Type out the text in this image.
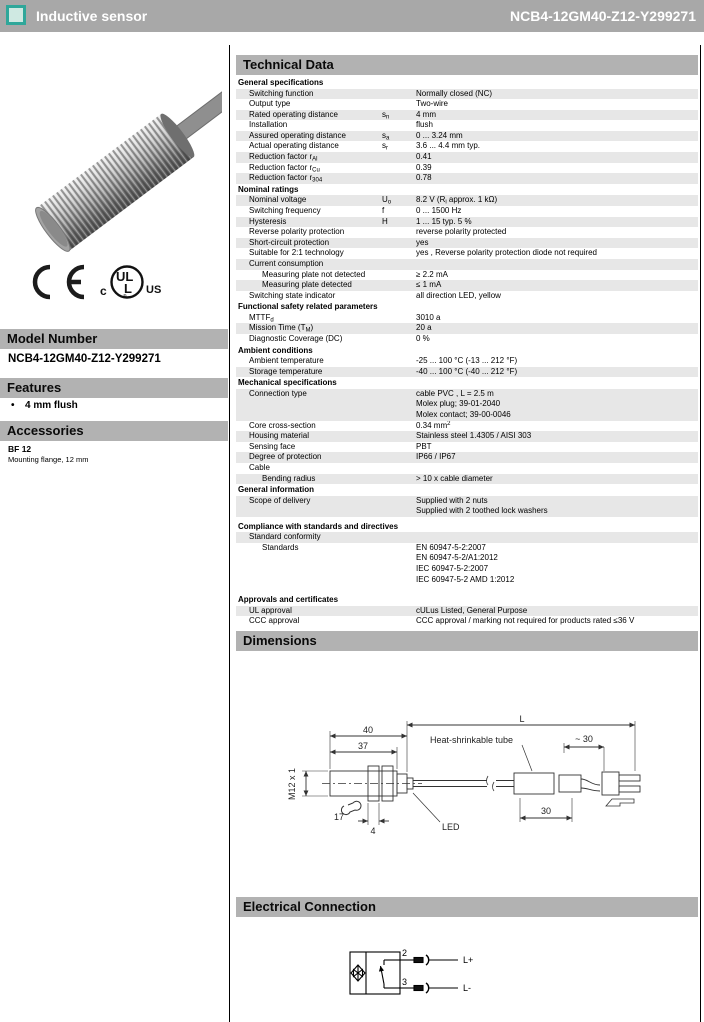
Inductive sensor	NCB4-12GM40-Z12-Y299271
c
UL
L
®
US
Model Number
NCB4-12GM40-Z12-Y299271
Features
• 4 mm flush
Accessories
BF 12
Mounting flange, 12 mm
Technical Data
General specifications
Switching function	Normally closed (NC)
Output type	Two-wire
Rated operating distance	$s_n$	4 mm
Installation	flush
Assured operating distance	$s_a$	0 ... 3.24 mm
Actual operating distance	$s_r$	3.6 ... 4.4 mm typ.
Reduction factor $r_{Al}$	0.41
Reduction factor $r_{Cu}$	0.39
Reduction factor $r_{304}$	0.78
Nominal ratings
Nominal voltage	$U_o$	8.2 V ($R_i$ approx. 1 kΩ)
Switching frequency	f	0 ... 1500 Hz
Hysteresis	H	1 ... 15 typ. 5 %
Reverse polarity protection	reverse polarity protected
Short-circuit protection	yes
Suitable for 2:1 technology	yes , Reverse polarity protection diode not required
Current consumption
Measuring plate not detected	≥ 2.2 mA
Measuring plate detected	≤ 1 mA
Switching state indicator	all direction LED, yellow
Functional safety related parameters
$MTTF_d$	3010 a
Mission Time $(T_M)$	20 a
Diagnostic Coverage (DC)	0 %
Ambient conditions
Ambient temperature	-25 ... 100 °C (-13 ... 212 °F)
Storage temperature	-40 ... 100 °C (-40 ... 212 °F)
Mechanical specifications
Connection type	cable PVC , L = 2.5 m
Molex plug; 39-01-2040
Molex contact; 39-00-0046
Core cross-section	0.34 $mm^2$
Housing material	Stainless steel 1.4305 / AISI 303
Sensing face	PBT
Degree of protection	IP66 / IP67
Cable
Bending radius	> 10 x cable diameter
General information
Scope of delivery	Supplied with 2 nuts
Supplied with 2 toothed lock washers
Compliance with standards and directives
Standard conformity
Standards	EN 60947-5-2:2007
EN 60947-5-2/A1:2012
IEC 60947-5-2:2007
IEC 60947-5-2 AMD 1:2012
Approvals and certificates
UL approval	cULus Listed, General Purpose
CCC approval	CCC approval / marking not required for products rated ≤36 V
Dimensions
40
37
L
M12 x 1
Heat-shrinkable tube	~ 30
30
LED
17
4
Electrical Connection
2
3
L+
L-
